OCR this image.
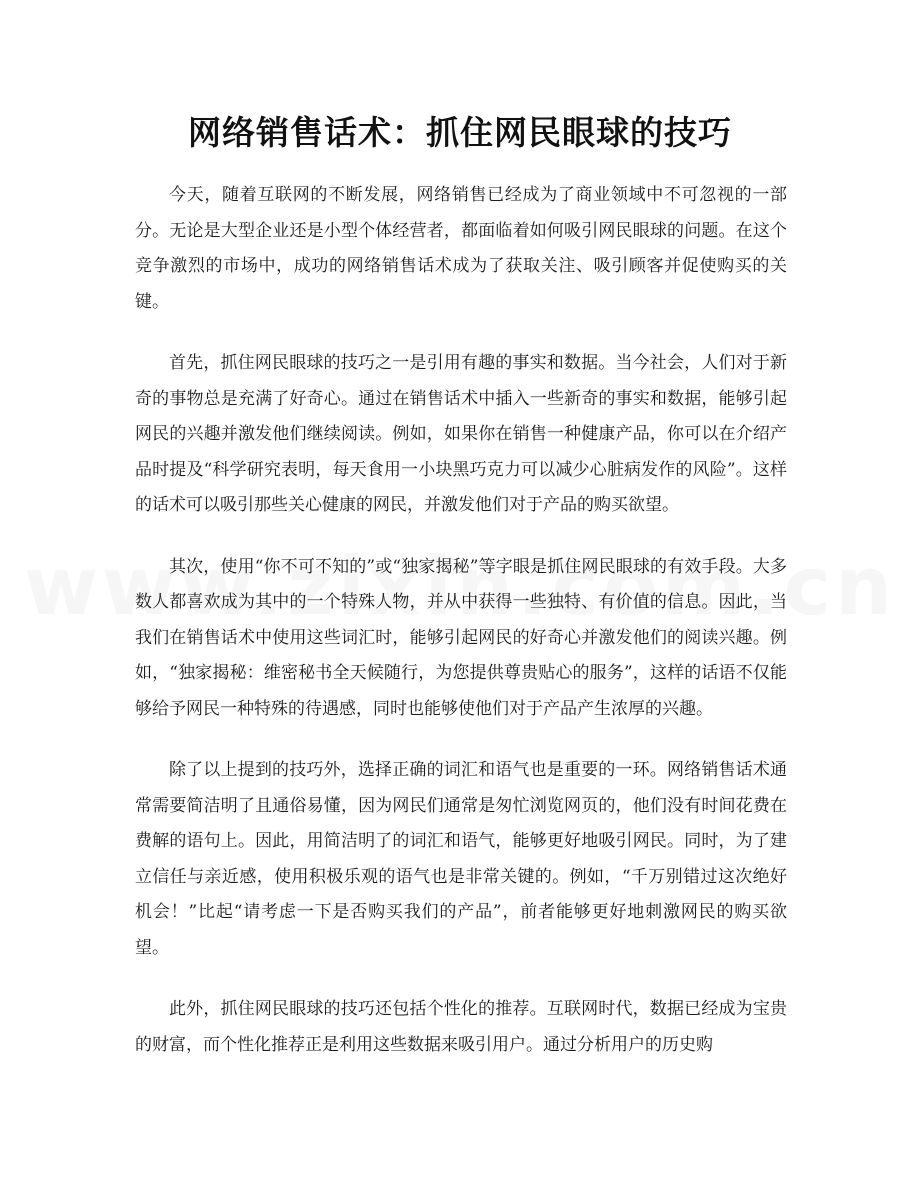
网络销售话术：抓住网民眼球的技巧

今天，随着互联网的不断发展，网络销售已经成为了商业领域中不可忽视的一部分。无论是大型企业还是小型个体经营者，都面临着如何吸引网民眼球的问题。在这个竞争激烈的市场中，成功的网络销售话术成为了获取关注、吸引顾客并促使购买的关键。

首先，抓住网民眼球的技巧之一是引用有趣的事实和数据。当今社会，人们对于新奇的事物总是充满了好奇心。通过在销售话术中插入一些新奇的事实和数据，能够引起网民的兴趣并激发他们继续阅读。例如，如果你在销售一种健康产品，你可以在介绍产品时提及“科学研究表明，每天食用一小块黑巧克力可以减少心脏病发作的风险”。这样的话术可以吸引那些关心健康的网民，并激发他们对于产品的购买欲望。

其次，使用“你不可不知的”或“独家揭秘”等字眼是抓住网民眼球的有效手段。大多数人都喜欢成为其中的一个特殊人物，并从中获得一些独特、有价值的信息。因此，当我们在销售话术中使用这些词汇时，能够引起网民的好奇心并激发他们的阅读兴趣。例如，“独家揭秘：维密秘书全天候随行，为您提供尊贵贴心的服务”，这样的话语不仅能够给予网民一种特殊的待遇感，同时也能够使他们对于产品产生浓厚的兴趣。

除了以上提到的技巧外，选择正确的词汇和语气也是重要的一环。网络销售话术通常需要简洁明了且通俗易懂，因为网民们通常是匆忙浏览网页的，他们没有时间花费在费解的语句上。因此，用简洁明了的词汇和语气，能够更好地吸引网民。同时，为了建立信任与亲近感，使用积极乐观的语气也是非常关键的。例如，“千万别错过这次绝好机会！”比起“请考虑一下是否购买我们的产品”，前者能够更好地刺激网民的购买欲望。

此外，抓住网民眼球的技巧还包括个性化的推荐。互联网时代，数据已经成为宝贵的财富，而个性化推荐正是利用这些数据来吸引用户。通过分析用户的历史购
